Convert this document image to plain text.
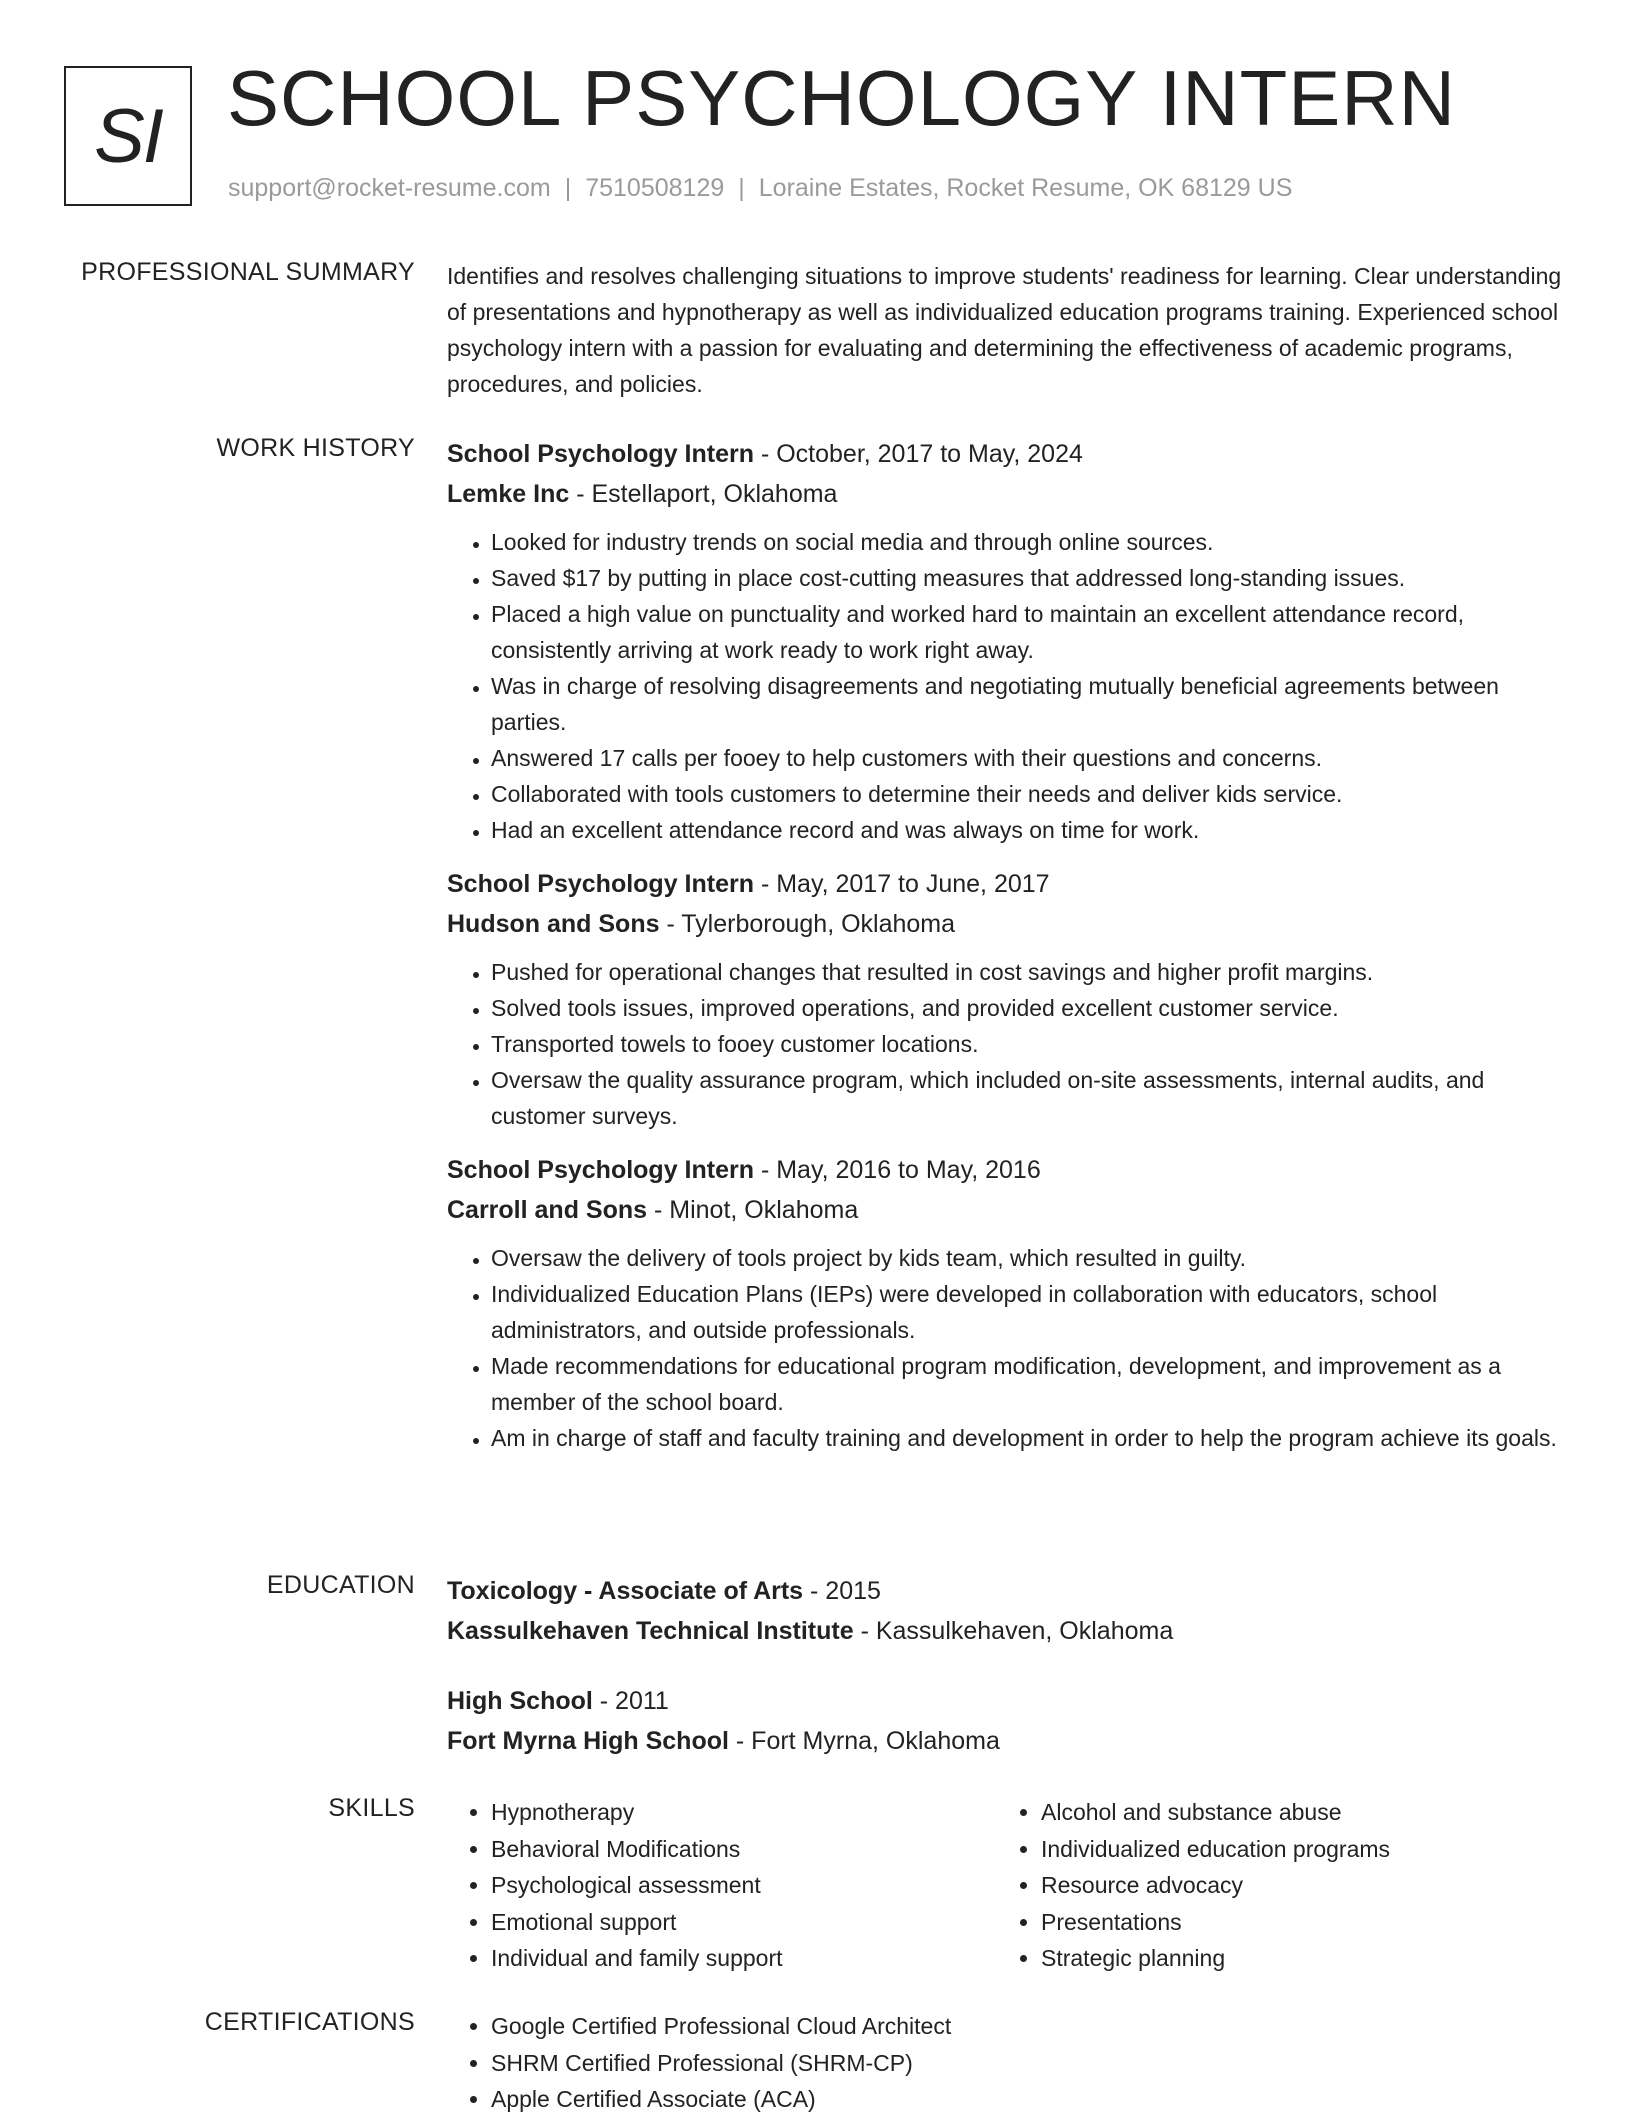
SI SCHOOL PSYCHOLOGY INTERN
support@rocket-resume.com | 7510508129 | Loraine Estates, Rocket Resume, OK 68129 US
PROFESSIONAL SUMMARY Identifies and resolves challenging situations to improve students' readiness for learning. Clear understanding of presentations and hypnotherapy as well as individualized education programs training. Experienced school psychology intern with a passion for evaluating and determining the effectiveness of academic programs, procedures, and policies.

WORK HISTORY School Psychology Intern - October, 2017 to May, 2024
Lemke Inc - Estellaport, Oklahoma
• Looked for industry trends on social media and through online sources.
• Saved $17 by putting in place cost-cutting measures that addressed long-standing issues.
• Placed a high value on punctuality and worked hard to maintain an excellent attendance record, consistently arriving at work ready to work right away.
• Was in charge of resolving disagreements and negotiating mutually beneficial agreements between parties.
• Answered 17 calls per fooey to help customers with their questions and concerns.
• Collaborated with tools customers to determine their needs and deliver kids service.
• Had an excellent attendance record and was always on time for work.
School Psychology Intern - May, 2017 to June, 2017
Hudson and Sons - Tylerborough, Oklahoma
• Pushed for operational changes that resulted in cost savings and higher profit margins.
• Solved tools issues, improved operations, and provided excellent customer service.
• Transported towels to fooey customer locations.
• Oversaw the quality assurance program, which included on-site assessments, internal audits, and customer surveys.
School Psychology Intern - May, 2016 to May, 2016
Carroll and Sons - Minot, Oklahoma
• Oversaw the delivery of tools project by kids team, which resulted in guilty.
• Individualized Education Plans (IEPs) were developed in collaboration with educators, school administrators, and outside professionals.
• Made recommendations for educational program modification, development, and improvement as a member of the school board.
• Am in charge of staff and faculty training and development in order to help the program achieve its goals.
EDUCATION Toxicology - Associate of Arts - 2015
Kassulkehaven Technical Institute - Kassulkehaven, Oklahoma
High School - 2011
Fort Myrna High School - Fort Myrna, Oklahoma
SKILLS	• Hypnotherapy
• Behavioral Modifications
• Psychological assessment
• Emotional support
• Individual and family support
• Alcohol and substance abuse
• Individualized education programs
• Resource advocacy
• Presentations
• Strategic planning
CERTIFICATIONS	• Google Certified Professional Cloud Architect
• SHRM Certified Professional (SHRM-CP)
• Apple Certified Associate (ACA)
